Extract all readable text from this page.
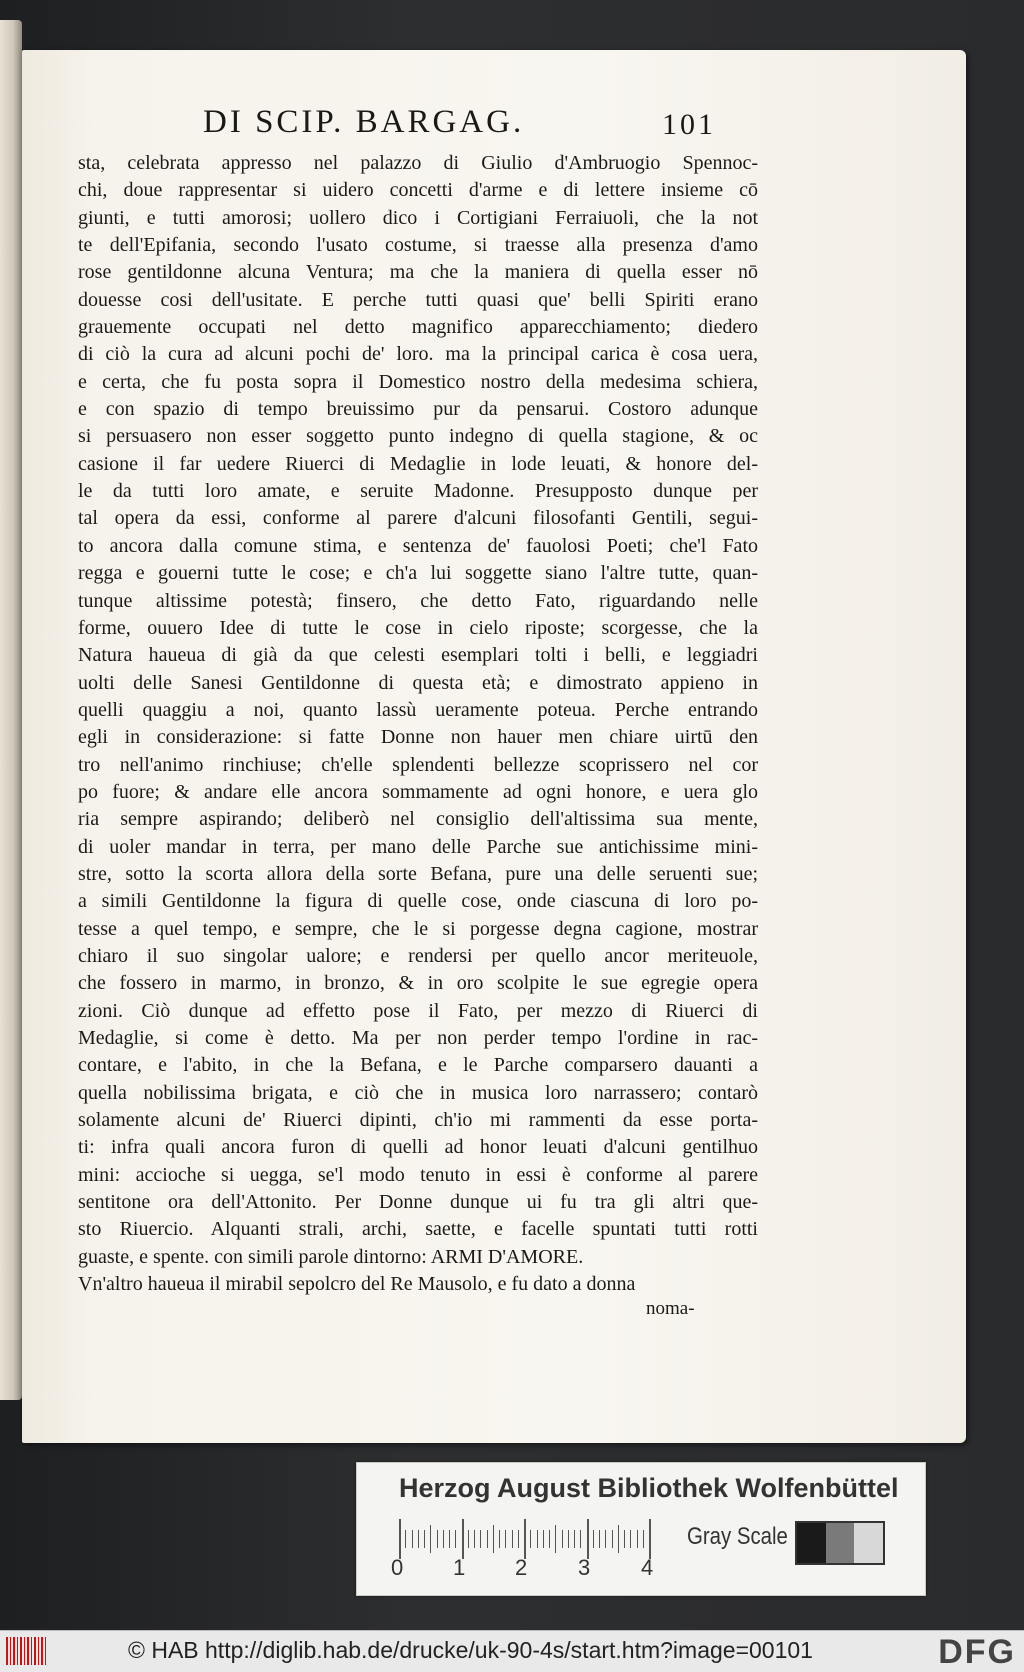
DI SCIP. BARGAG.	101
sta, celebrata appresso nel palazzo di Giulio d'Ambruogio Spennoc-
chi, doue rappresentar si uidero concetti d'arme e di lettere insieme cō
giunti, e tutti amorosi; uollero dico i Cortigiani Ferraiuoli, che la not
te dell'Epifania, secondo l'usato costume, si traesse alla presenza d'amo
rose gentildonne alcuna Ventura; ma che la maniera di quella esser nō
douesse cosi dell'usitate. E perche tutti quasi que' belli Spiriti erano
grauemente occupati nel detto magnifico apparecchiamento; diedero
di ciò la cura ad alcuni pochi de' loro. ma la principal carica è cosa uera,
e certa, che fu posta sopra il Domestico nostro della medesima schiera,
e con spazio di tempo breuissimo pur da pensarui. Costoro adunque
si persuasero non esser soggetto punto indegno di quella stagione, & oc
casione il far uedere Riuerci di Medaglie in lode leuati, & honore del-
le da tutti loro amate, e seruite Madonne. Presupposto dunque per
tal opera da essi, conforme al parere d'alcuni filosofanti Gentili, segui-
to ancora dalla comune stima, e sentenza de' fauolosi Poeti; che'l Fato
regga e gouerni tutte le cose; e ch'a lui soggette siano l'altre tutte, quan-
tunque altissime potestà; finsero, che detto Fato, riguardando nelle
forme, ouuero Idee di tutte le cose in cielo riposte; scorgesse, che la
Natura haueua di già da que celesti esemplari tolti i belli, e leggiadri
uolti delle Sanesi Gentildonne di questa età; e dimostrato appieno in
quelli quaggiu a noi, quanto lassù ueramente poteua. Perche entrando
egli in considerazione: si fatte Donne non hauer men chiare uirtū den
tro nell'animo rinchiuse; ch'elle splendenti bellezze scoprissero nel cor
po fuore; & andare elle ancora sommamente ad ogni honore, e uera glo
ria sempre aspirando; deliberò nel consiglio dell'altissima sua mente,
di uoler mandar in terra, per mano delle Parche sue antichissime mini-
stre, sotto la scorta allora della sorte Befana, pure una delle seruenti sue;
a simili Gentildonne la figura di quelle cose, onde ciascuna di loro po-
tesse a quel tempo, e sempre, che le si porgesse degna cagione, mostrar
chiaro il suo singolar ualore; e rendersi per quello ancor meriteuole,
che fossero in marmo, in bronzo, & in oro scolpite le sue egregie opera
zioni. Ciò dunque ad effetto pose il Fato, per mezzo di Riuerci di
Medaglie, si come è detto. Ma per non perder tempo l'ordine in rac-
contare, e l'abito, in che la Befana, e le Parche comparsero dauanti a
quella nobilissima brigata, e ciò che in musica loro narrassero; contarò
solamente alcuni de' Riuerci dipinti, ch'io mi rammenti da esse porta-
ti: infra quali ancora furon di quelli ad honor leuati d'alcuni gentilhuo
mini: accioche si uegga, se'l modo tenuto in essi è conforme al parere
sentitone ora dell'Attonito. Per Donne dunque ui fu tra gli altri que-
sto Riuercio. Alquanti strali, archi, saette, e facelle spuntati tutti rotti
guaste, e spente. con simili parole dintorno: ARMI D'AMORE.
Vn'altro haueua il mirabil sepolcro del Re Mausolo, e fu dato a donna
noma-
Herzog August Bibliothek Wolfenbüttel
0 1 2 3 4
Gray Scale
© HAB http://diglib.hab.de/drucke/uk-90-4s/start.htm?image=00101	DFG
